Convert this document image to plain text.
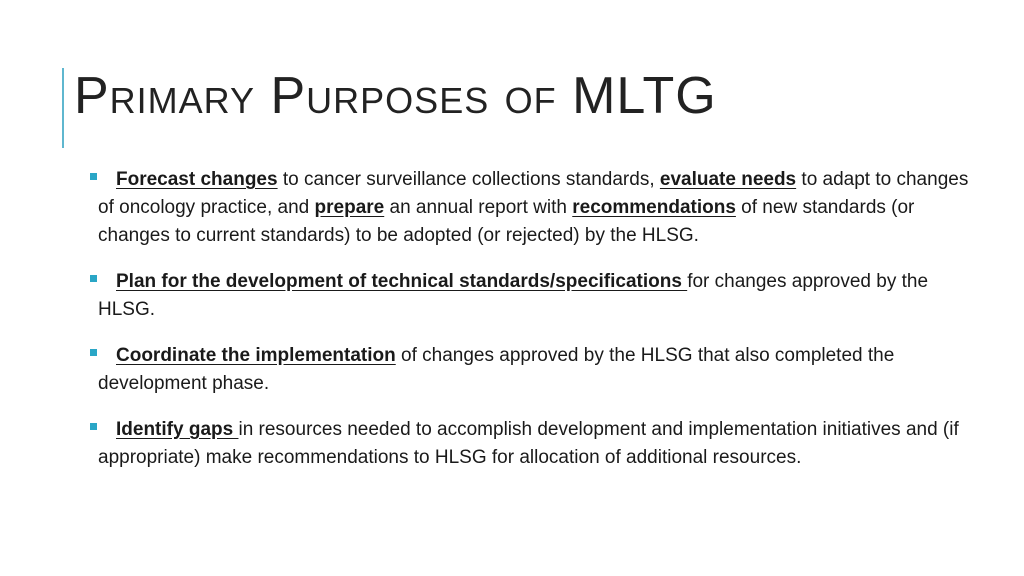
Primary Purposes of MLTG
Forecast changes to cancer surveillance collections standards, evaluate needs to adapt to changes of oncology practice, and prepare an annual report with recommendations of new standards (or changes to current standards) to be adopted (or rejected) by the HLSG.
Plan for the development of technical standards/specifications for changes approved by the HLSG.
Coordinate the implementation of changes approved by the HLSG that also completed the development phase.
Identify gaps in resources needed to accomplish development and implementation initiatives and (if appropriate) make recommendations to HLSG for allocation of additional resources.
